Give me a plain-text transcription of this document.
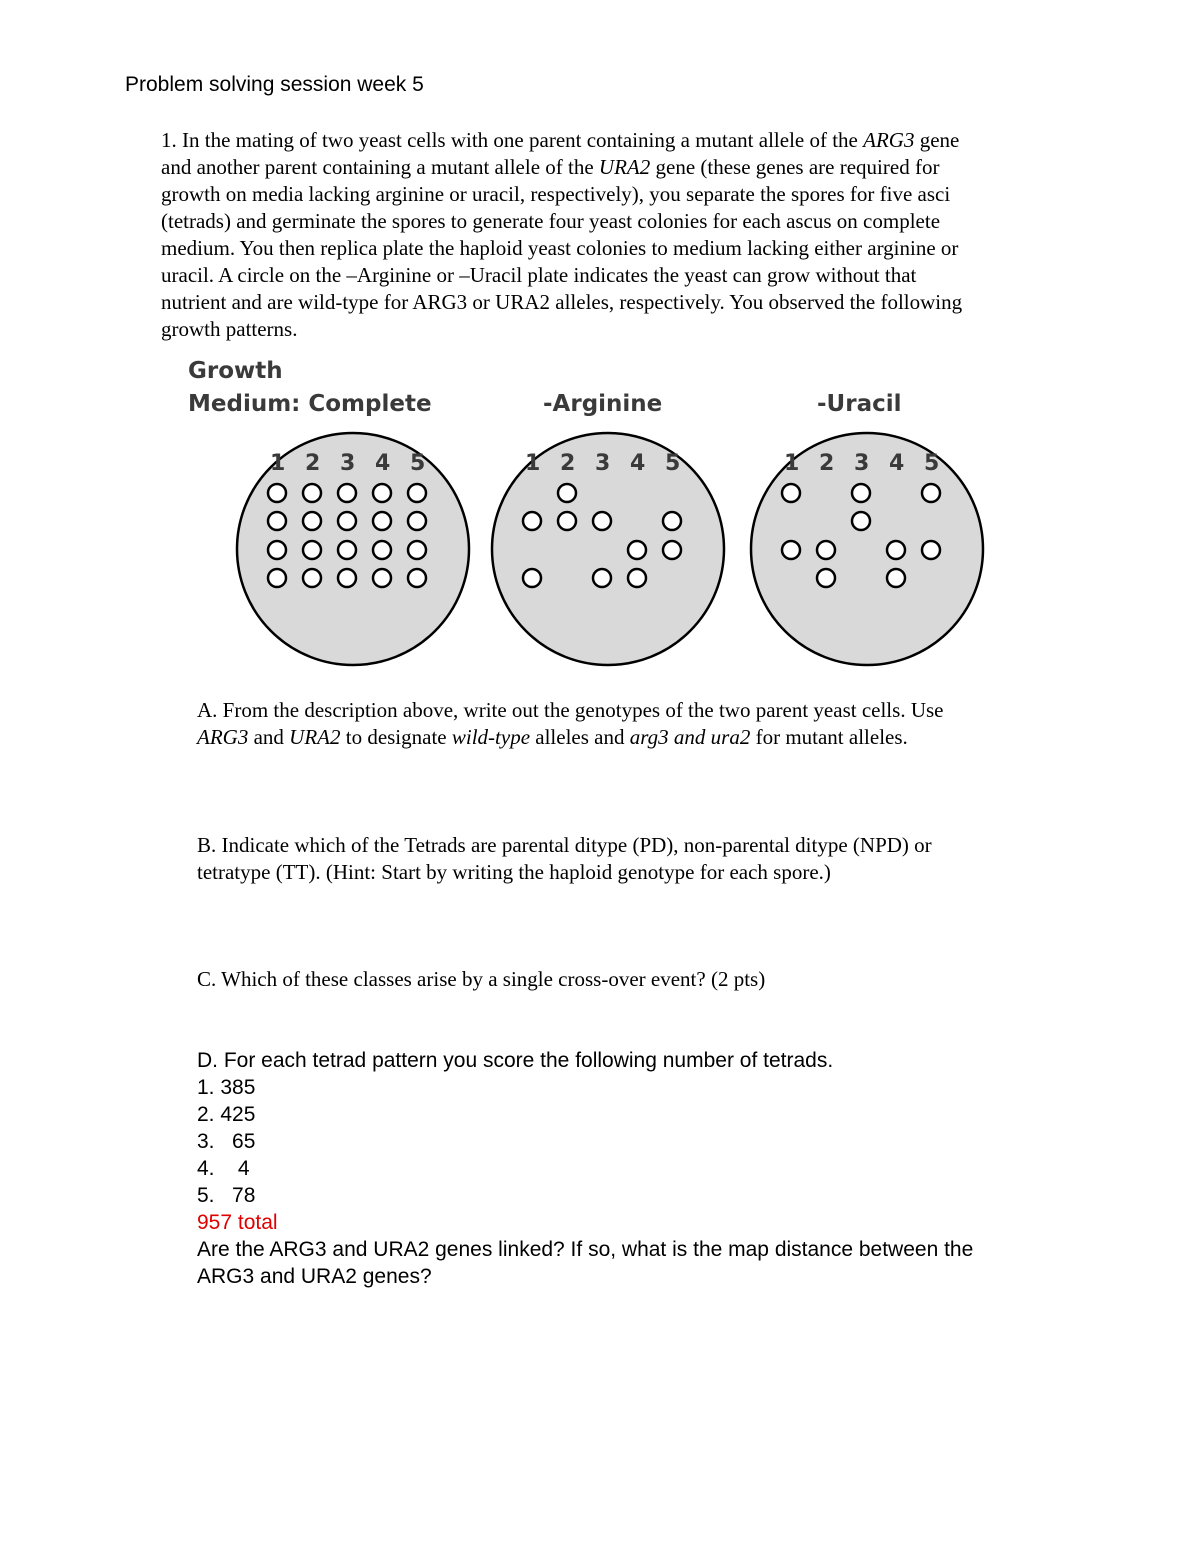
Problem solving session week 5

1. In the mating of two yeast cells with one parent containing a mutant allele of the ARG3 gene

and another parent containing a mutant allele of the URA2 gene (these genes are required for

growth on media lacking arginine or uracil, respectively), you separate the spores for five asci

(tetrads) and germinate the spores to generate four yeast colonies for each ascus on complete

medium. You then replica plate the haploid yeast colonies to medium lacking either arginine or

uracil. A circle on the –Arginine or –Uracil plate indicates the yeast can grow without that

nutrient and are wild-type for ARG3 or URA2 alleles, respectively. You observed the following

growth patterns.

Growth
Medium: Complete	-Arginine	-Uracil
1 2 3 4 5	1 2 3 4 5	1 2 3 4 5

A. From the description above, write out the genotypes of the two parent yeast cells. Use

ARG3 and URA2 to designate wild-type alleles and arg3 and ura2 for mutant alleles.

B. Indicate which of the Tetrads are parental ditype (PD), non-parental ditype (NPD) or

tetratype (TT). (Hint: Start by writing the haploid genotype for each spore.)

C. Which of these classes arise by a single cross-over event? (2 pts)

D. For each tetrad pattern you score the following number of tetrads.

1. 385

2. 425

3.   65

4.    4

5.   78

957 total

Are the ARG3 and URA2 genes linked? If so, what is the map distance between the

ARG3 and URA2 genes?
